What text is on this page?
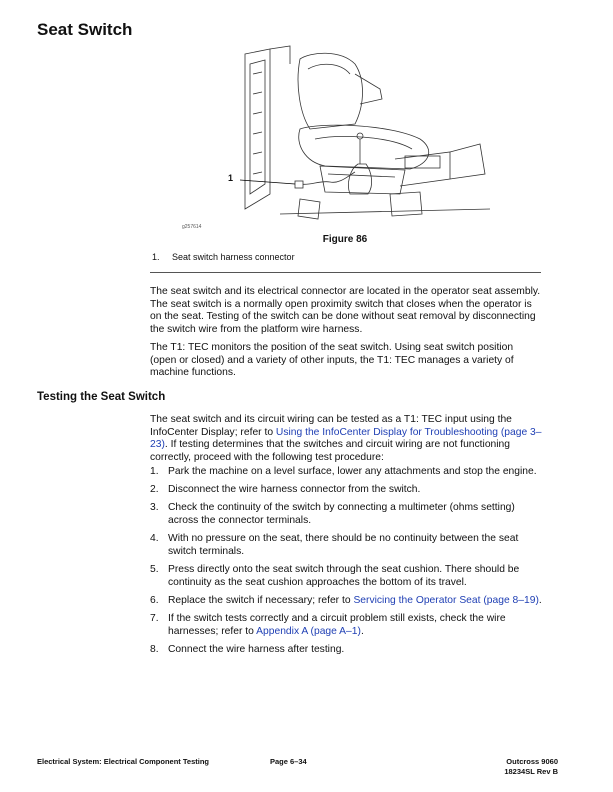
Seat Switch
1
g257614
Figure 86
1. Seat switch harness connector

The seat switch and its electrical connector are located in the operator seat assembly. The seat switch is a normally open proximity switch that closes when the operator is on the seat. Testing of the switch can be done without seat removal by disconnecting the switch wire from the platform wire harness.

The T1: TEC monitors the position of the seat switch. Using seat switch position (open or closed) and a variety of other inputs, the T1: TEC manages a variety of machine functions.

Testing the Seat Switch

The seat switch and its circuit wiring can be tested as a T1: TEC input using the InfoCenter Display; refer to Using the InfoCenter Display for Troubleshooting (page 3–23). If testing determines that the switches and circuit wiring are not functioning correctly, proceed with the following test procedure:

1. Park the machine on a level surface, lower any attachments and stop the engine.
2. Disconnect the wire harness connector from the switch.
3. Check the continuity of the switch by connecting a multimeter (ohms setting) across the connector terminals.
4. With no pressure on the seat, there should be no continuity between the seat switch terminals.
5. Press directly onto the seat switch through the seat cushion. There should be continuity as the seat cushion approaches the bottom of its travel.
6. Replace the switch if necessary; refer to Servicing the Operator Seat (page 8–19).
7. If the switch tests correctly and a circuit problem still exists, check the wire harnesses; refer to Appendix A (page A–1).
8. Connect the wire harness after testing.
Electrical System: Electrical Component Testing	Page 6–34	Outcross 9060
18234SL Rev B
